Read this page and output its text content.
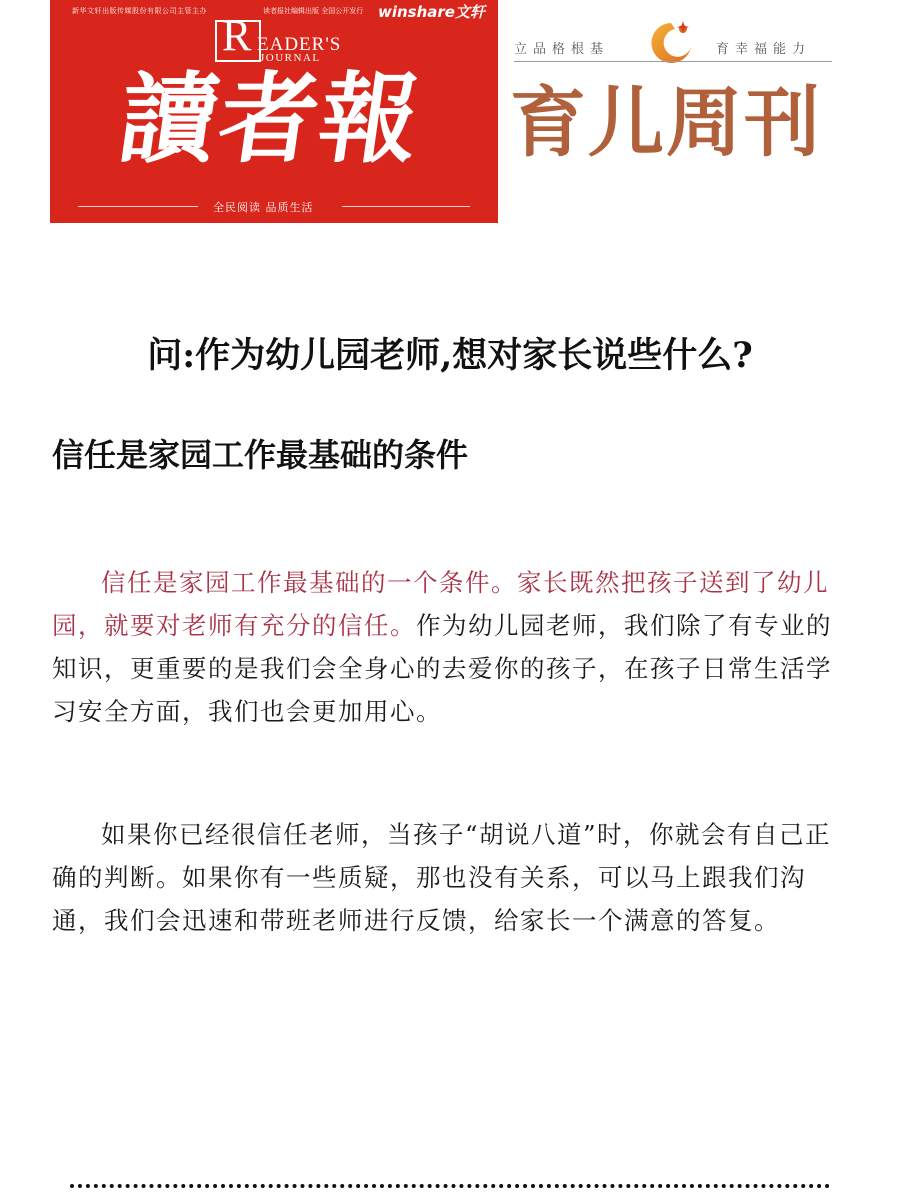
新华文轩出版传媒股份有限公司主管主办	读者报社编辑出版 全国公开发行 winshare文轩
R EADER'S
JOURNAL
讀者報
全民阅读 品质生活
立品格根基	育幸福能力
育儿周刊
问:作为幼儿园老师,想对家长说些什么?
信任是家园工作最基础的条件

信任是家园工作最基础的一个条件。家长既然把孩子送到了幼儿园，就要对老师有充分的信任。作为幼儿园老师，我们除了有专业的知识，更重要的是我们会全身心的去爱你的孩子，在孩子日常生活学习安全方面，我们也会更加用心。

如果你已经很信任老师，当孩子“胡说八道”时，你就会有自己正确的判断。如果你有一些质疑，那也没有关系，可以马上跟我们沟通，我们会迅速和带班老师进行反馈，给家长一个满意的答复。
